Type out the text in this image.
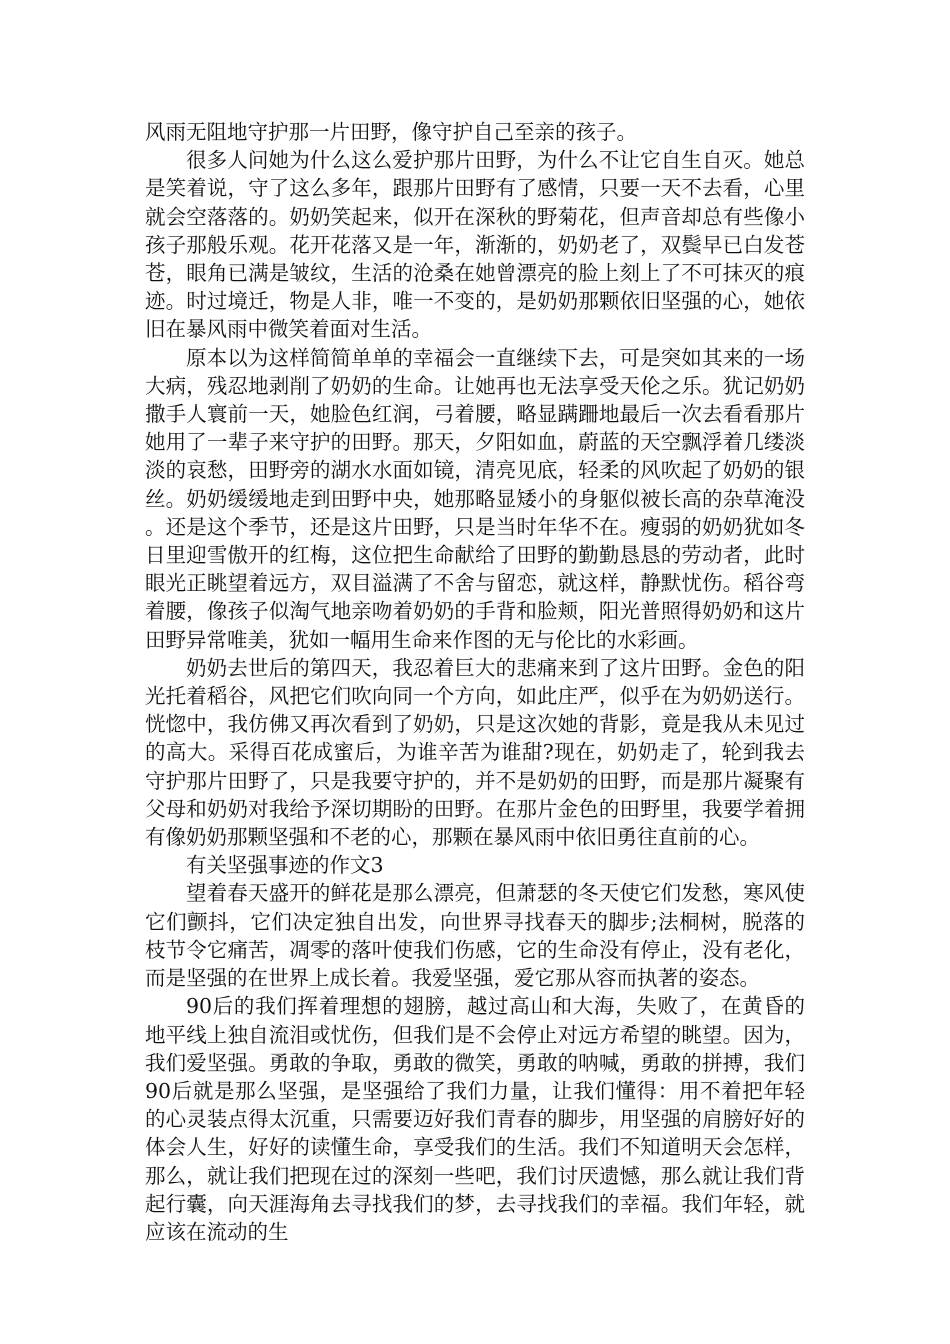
风雨无阻地守护那一片田野，像守护自己至亲的孩子。

很多人问她为什么这么爱护那片田野，为什么不让它自生自灭。她总是笑着说，守了这么多年，跟那片田野有了感情，只要一天不去看，心里就会空落落的。奶奶笑起来，似开在深秋的野菊花，但声音却总有些像小孩子那般乐观。花开花落又是一年，渐渐的，奶奶老了，双鬓早已白发苍苍，眼角已满是皱纹，生活的沧桑在她曾漂亮的脸上刻上了不可抹灭的痕迹。时过境迁，物是人非，唯一不变的，是奶奶那颗依旧坚强的心，她依旧在暴风雨中微笑着面对生活。

原本以为这样简简单单的幸福会一直继续下去，可是突如其来的一场大病，残忍地剥削了奶奶的生命。让她再也无法享受天伦之乐。犹记奶奶撒手人寰前一天，她脸色红润，弓着腰，略显蹒跚地最后一次去看看那片她用了一辈子来守护的田野。那天，夕阳如血，蔚蓝的天空飘浮着几缕淡淡的哀愁，田野旁的湖水水面如镜，清亮见底，轻柔的风吹起了奶奶的银丝。奶奶缓缓地走到田野中央，她那略显矮小的身躯似被长高的杂草淹没。还是这个季节，还是这片田野，只是当时年华不在。瘦弱的奶奶犹如冬日里迎雪傲开的红梅，这位把生命献给了田野的勤勤恳恳的劳动者，此时眼光正眺望着远方，双目溢满了不舍与留恋，就这样，静默忧伤。稻谷弯着腰，像孩子似淘气地亲吻着奶奶的手背和脸颊，阳光普照得奶奶和这片田野异常唯美，犹如一幅用生命来作图的无与伦比的水彩画。

奶奶去世后的第四天，我忍着巨大的悲痛来到了这片田野。金色的阳光托着稻谷，风把它们吹向同一个方向，如此庄严，似乎在为奶奶送行。恍惚中，我仿佛又再次看到了奶奶，只是这次她的背影，竟是我从未见过的高大。采得百花成蜜后，为谁辛苦为谁甜?现在，奶奶走了，轮到我去守护那片田野了，只是我要守护的，并不是奶奶的田野，而是那片凝聚有父母和奶奶对我给予深切期盼的田野。在那片金色的田野里，我要学着拥有像奶奶那颗坚强和不老的心，那颗在暴风雨中依旧勇往直前的心。

有关坚强事迹的作文3

望着春天盛开的鲜花是那么漂亮，但萧瑟的冬天使它们发愁，寒风使它们颤抖，它们决定独自出发，向世界寻找春天的脚步;法桐树，脱落的枝节令它痛苦，凋零的落叶使我们伤感，它的生命没有停止，没有老化，而是坚强的在世界上成长着。我爱坚强，爱它那从容而执著的姿态。

90后的我们挥着理想的翅膀，越过高山和大海，失败了，在黄昏的地平线上独自流泪或忧伤，但我们是不会停止对远方希望的眺望。因为，我们爱坚强。勇敢的争取，勇敢的微笑，勇敢的呐喊，勇敢的拼搏，我们90后就是那么坚强，是坚强给了我们力量，让我们懂得：用不着把年轻的心灵装点得太沉重，只需要迈好我们青春的脚步，用坚强的肩膀好好的体会人生，好好的读懂生命，享受我们的生活。我们不知道明天会怎样，那么，就让我们把现在过的深刻一些吧，我们讨厌遗憾，那么就让我们背起行囊，向天涯海角去寻找我们的梦，去寻找我们的幸福。我们年轻，就应该在流动的生
